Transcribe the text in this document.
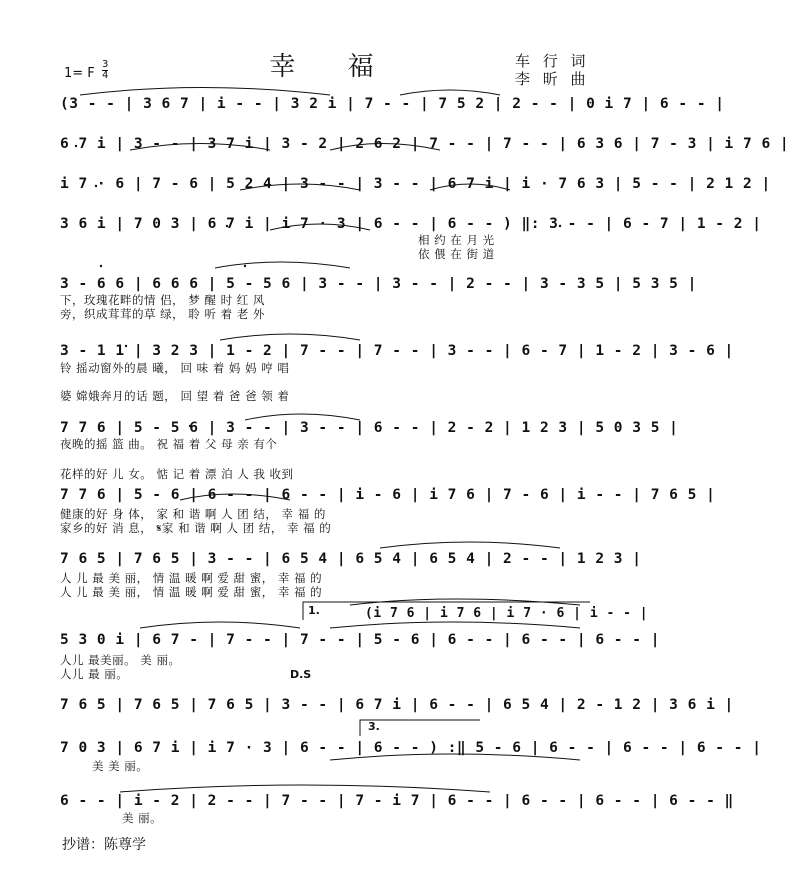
幸 福	车 行 词
李 昕 曲
1= F
3
4
(3 - - | 3 6 7 | i - - | 3 2 i | 7 - - | 7 5 2 | 2 - - | 0 i 7 | 6 - - |
6 7 i | 3 - - | 3 7 i | 3 - 2 | 2 6 2 | 7 - - | 7 - - | 6 3 6 | 7 - 3 | i 7 6 |
i 7 · 6 | 7 - 6 | 5 2 4 | 3 - - | 3 - - | 6 7 i | i · 7 6 3 | 5 - - | 2 1 2 |
3 6 i | 7 0 3 | 6 7 i | i 7 · 3 | 6 - - | 6 - - ) ‖: 3 - - | 6 - 7 | 1 - 2 |
相 约 在 月 光
依 偎 在 街 道
3 - 6 6 | 6 6 6 | 5 - 5 6 | 3 - - | 3 - - | 2 - - | 3 - 3 5 | 5 3 5 |
下，玫瑰花畔的情 侣， 梦 醒 时 红 风
旁，织成茸茸的草 绿， 聆 听 着 老 外
3 - 1 1 | 3 2 3 | 1 - 2 | 7 - - | 7 - - | 3 - - | 6 - 7 | 1 - 2 | 3 - 6 |
铃 摇动窗外的晨 曦， 回 味 着 妈 妈 哼 唱
婆 嫦娥奔月的话 题， 回 望 着 爸 爸 领 着
7 7 6 | 5 - 5 6 | 3 - - | 3 - - | 6 - - | 2 - 2 | 1 2 3 | 5 0 3 5 |
夜晚的摇 篮 曲。 祝 福 着 父 母 亲 有个
花样的好 儿 女。 惦 记 着 漂 泊 人 我 收到
7 7 6 | 5 - 6 | 6 - - | 6 - - | i - 6 | i 7 6 | 7 - 6 | i - - | 7 6 5 |
健康的好 身 体， 家 和 谐 啊 人 团 结， 幸 福 的
家乡的好 消 息， 𝄋家 和 谐 啊 人 团 结， 幸 福 的
7 6 5 | 7 6 5 | 3 - - | 6 5 4 | 6 5 4 | 6 5 4 | 2 - - | 1 2 3 |
人 儿 最 美 丽， 情 温 暖 啊 爱 甜 蜜， 幸 福 的
人 儿 最 美 丽， 情 温 暖 啊 爱 甜 蜜， 幸 福 的
1.	(i 7 6 | i 7 6 | i 7 · 6 | i - - |
5 3 0 i | 6 7 - | 7 - - | 7 - - | 5 - 6 | 6 - - | 6 - - | 6 - - |
人儿 最美丽。 美 丽。
人儿 最 丽。	D.S
7 6 5 | 7 6 5 | 7 6 5 | 3 - - | 6 7 i | 6 - - | 6 5 4 | 2 - 1 2 | 3 6 i |
3.
7 0 3 | 6 7 i | i 7 · 3 | 6 - - | 6 - - ) :‖ 5 - 6 | 6 - - | 6 - - | 6 - - |
美 美 丽。
6 - - | i - 2 | 2 - - | 7 - - | 7 - i 7 | 6 - - | 6 - - | 6 - - | 6 - - ‖
美 丽。
抄谱：陈尊学
